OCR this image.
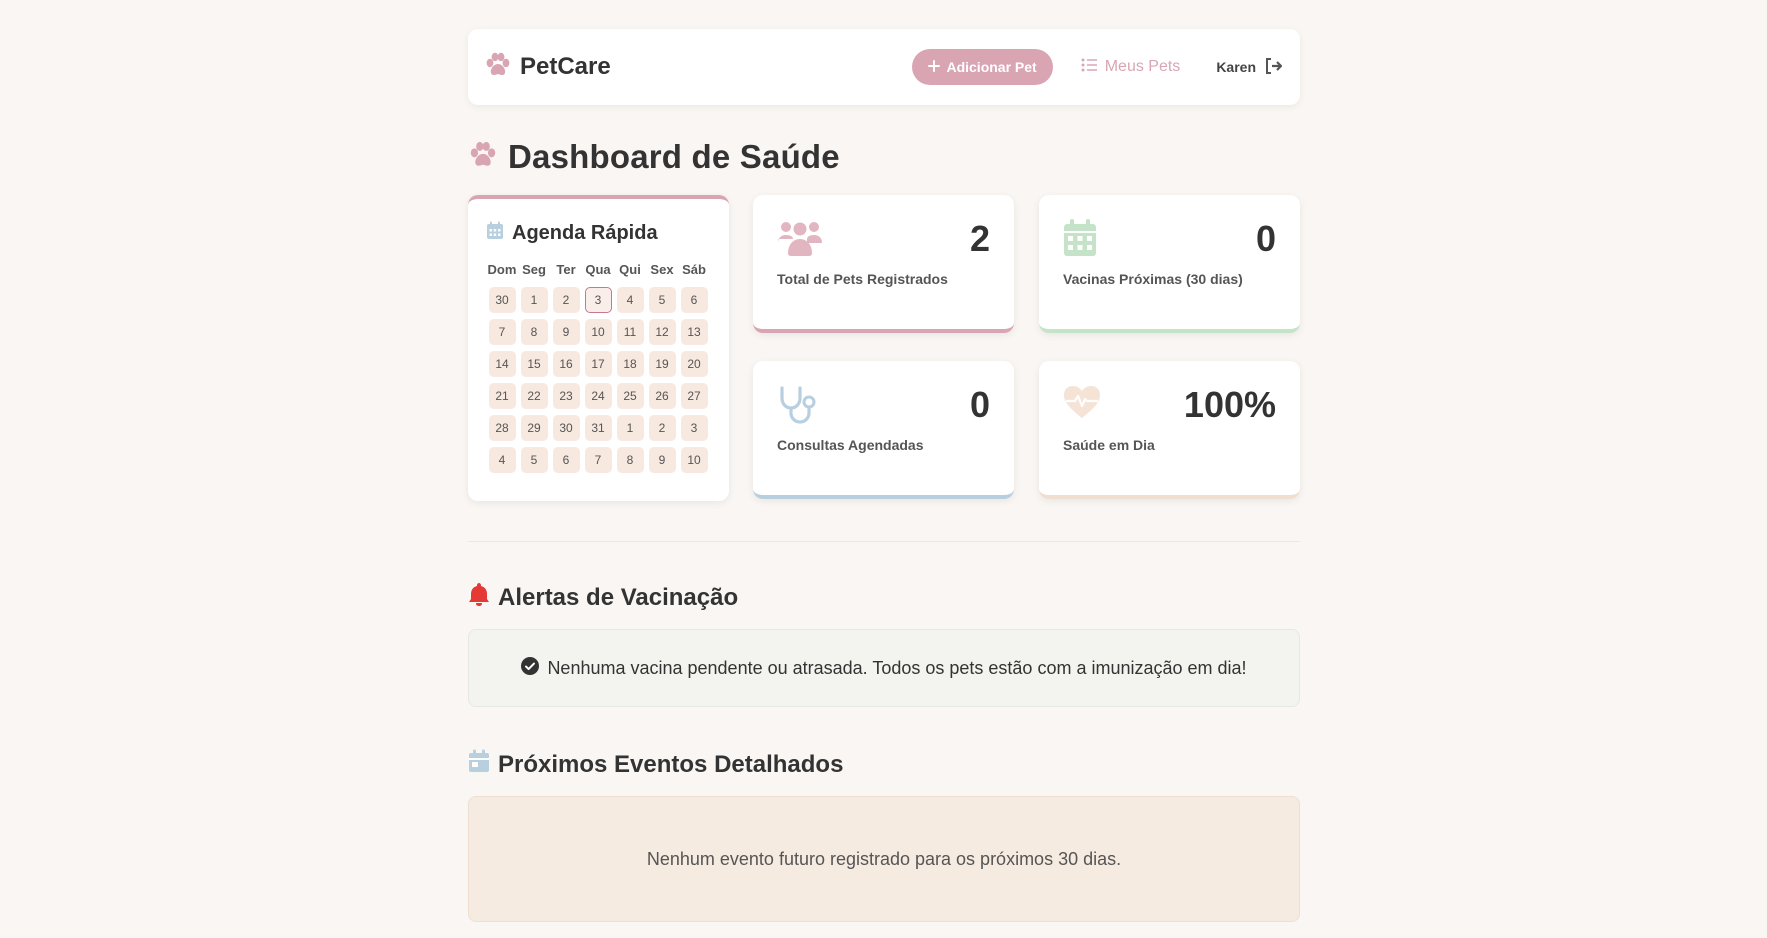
PetCare	Adicionar Pet	Meus Pets	Karen
Dashboard de Saúde
Agenda Rápida
Dom Seg Ter Qua Qui Sex Sáb
30	1	2	3	4	5	6
7	8	9	10	11	12	13
14	15	16	17	18	19	20
21	22	23	24	25	26	27
28	29	30	31	1	2	3
4	5	6	7	8	9	10
2
Total de Pets Registrados
0
Vacinas Próximas (30 dias)
0
Consultas Agendadas
100%
Saúde em Dia
Alertas de Vacinação
Nenhuma vacina pendente ou atrasada. Todos os pets estão com a imunização em dia!
Próximos Eventos Detalhados
Nenhum evento futuro registrado para os próximos 30 dias.
